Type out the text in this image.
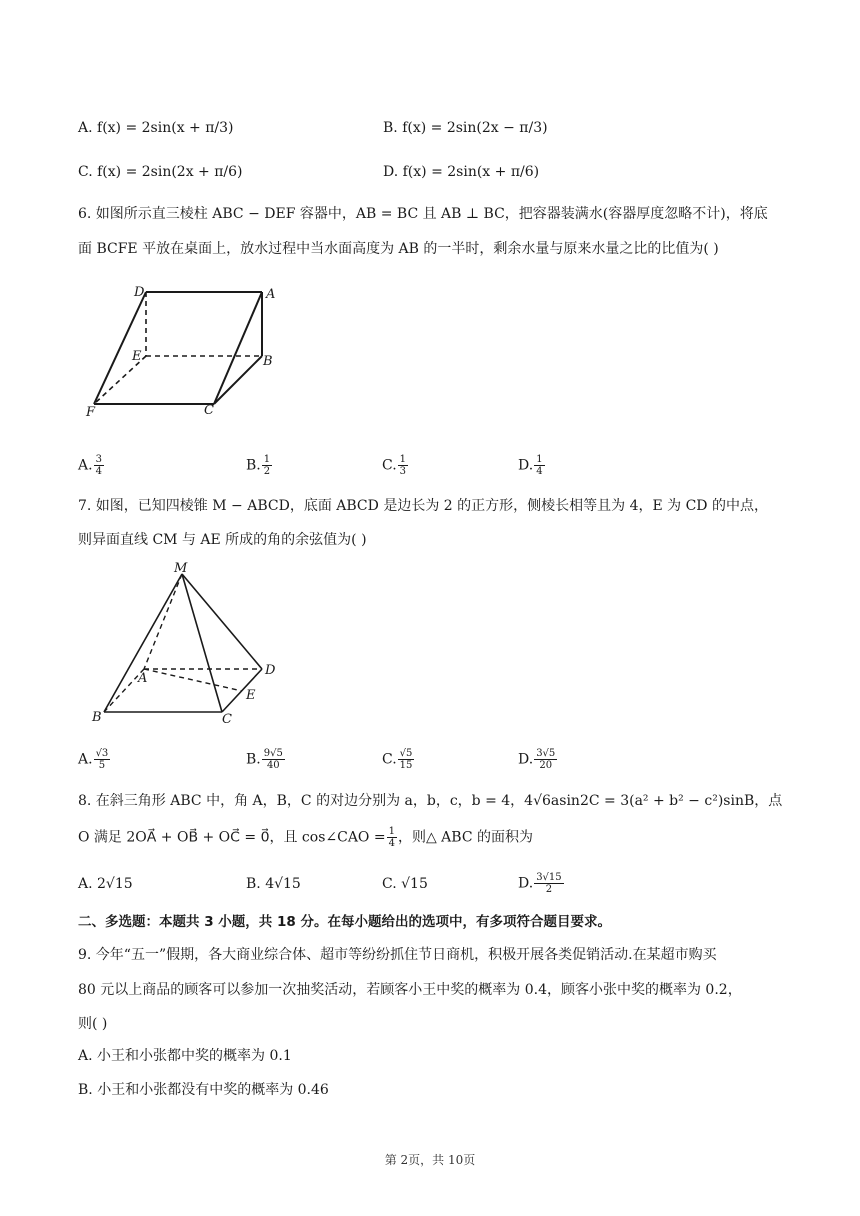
A. f(x) = 2sin(x + π/3)	B. f(x) = 2sin(2x − π/3)
C. f(x) = 2sin(2x + π/6)	D. f(x) = 2sin(x + π/6)
6. 如图所示直三棱柱 ABC − DEF 容器中，AB = BC 且 AB ⊥ BC，把容器装满水(容器厚度忽略不计)，将底
面 BCFE 平放在桌面上，放水过程中当水面高度为 AB 的一半时，剩余水量与原来水量之比的比值为( )
D	A
E	B
F	C
A. $\frac{3}{4}$	B. $\frac{1}{2}$	C. $\frac{1}{3}$	D. $\frac{1}{4}$
7. 如图，已知四棱锥 M − ABCD，底面 ABCD 是边长为 2 的正方形，侧棱长相等且为 4，E 为 CD 的中点，
则异面直线 CM 与 AE 所成的角的余弦值为( )
M
A
D
E
B	C
A. $\frac{√3}{5}$	B. $\frac{9√5}{40}$	C. $\frac{√5}{15}$	D. $\frac{3√5}{20}$
8. 在斜三角形 ABC 中，角 A，B，C 的对边分别为 a，b，c，b = 4，4√6asin2C = 3(a² + b² − c²)sinB，点
O 满足 2OA⃗ + OB⃗ + OC⃗ = 0⃗，且 cos∠CAO = $\frac{1}{4}$ ，则△ ABC 的面积为
A. 2√15	B. 4√15	C. √15	D. $\frac{3√15}{2}$
二、多选题：本题共 3 小题，共 18 分。在每小题给出的选项中，有多项符合题目要求。
9. 今年“五一”假期，各大商业综合体、超市等纷纷抓住节日商机，积极开展各类促销活动.在某超市购买
80 元以上商品的顾客可以参加一次抽奖活动，若顾客小王中奖的概率为 0.4，顾客小张中奖的概率为 0.2，
则( )
A. 小王和小张都中奖的概率为 0.1
B. 小王和小张都没有中奖的概率为 0.46
第 2页，共 10页
